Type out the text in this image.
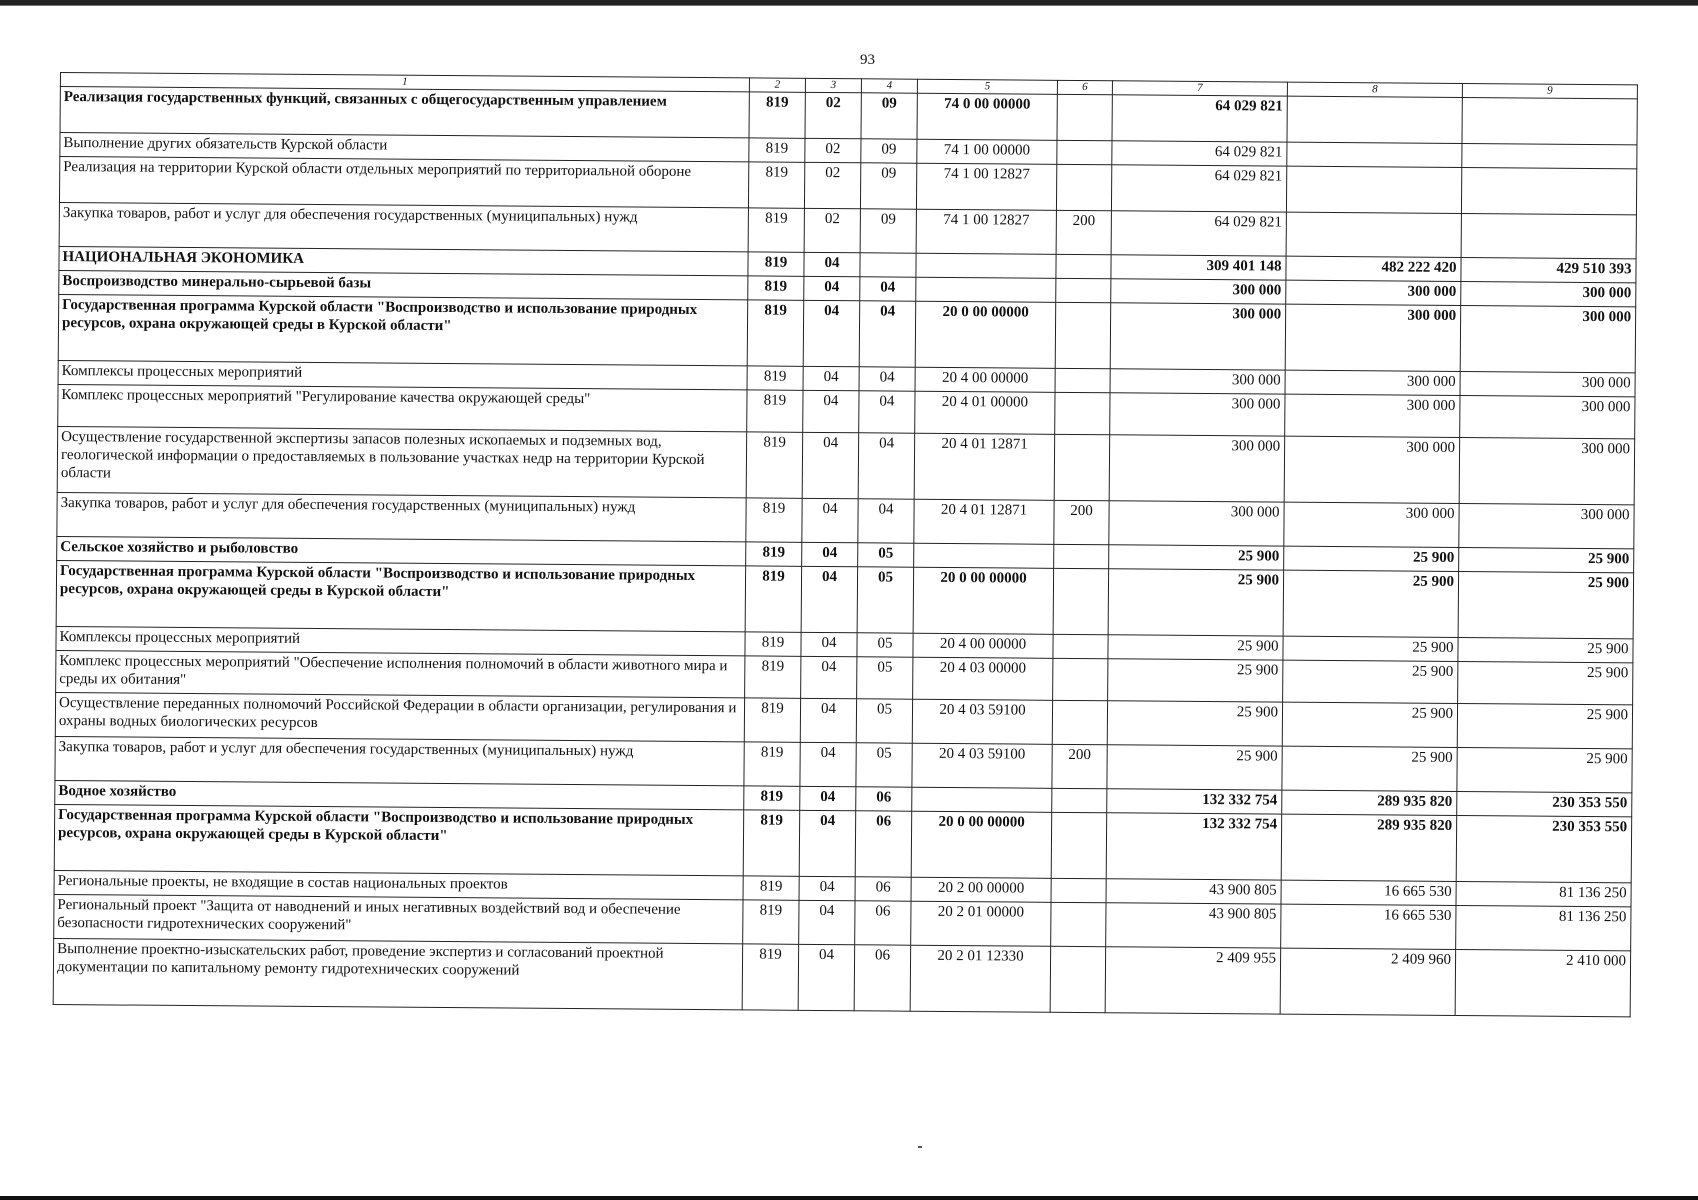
93
1	2	3	4	5	6	7	8	9
Реализация государственных функций, связанных с общегосударственным управлением	819	02	09	74 0 00 00000		64 029 821		
Выполнение других обязательств Курской области	819	02	09	74 1 00 00000		64 029 821		
Реализация на территории Курской области отдельных мероприятий по территориальной обороне	819	02	09	74 1 00 12827		64 029 821		
Закупка товаров, работ и услуг для обеспечения государственных (муниципальных) нужд	819	02	09	74 1 00 12827	200	64 029 821		
НАЦИОНАЛЬНАЯ ЭКОНОМИКА	819	04				309 401 148	482 222 420	429 510 393
Воспроизводство минерально-сырьевой базы	819	04	04			300 000	300 000	300 000
Государственная программа Курской области "Воспроизводство и использование природных ресурсов, охрана окружающей среды в Курской области"	819	04	04	20 0 00 00000		300 000	300 000	300 000
Комплексы процессных мероприятий	819	04	04	20 4 00 00000		300 000	300 000	300 000
Комплекс процессных мероприятий "Регулирование качества окружающей среды"	819	04	04	20 4 01 00000		300 000	300 000	300 000
Осуществление государственной экспертизы запасов полезных ископаемых и подземных вод, геологической информации о предоставляемых в пользование участках недр на территории Курской области	819	04	04	20 4 01 12871		300 000	300 000	300 000
Закупка товаров, работ и услуг для обеспечения государственных (муниципальных) нужд	819	04	04	20 4 01 12871	200	300 000	300 000	300 000
Сельское хозяйство и рыболовство	819	04	05			25 900	25 900	25 900
Государственная программа Курской области "Воспроизводство и использование природных ресурсов, охрана окружающей среды в Курской области"	819	04	05	20 0 00 00000		25 900	25 900	25 900
Комплексы процессных мероприятий	819	04	05	20 4 00 00000		25 900	25 900	25 900
Комплекс процессных мероприятий "Обеспечение исполнения полномочий в области животного мира и среды их обитания"	819	04	05	20 4 03 00000		25 900	25 900	25 900
Осуществление переданных полномочий Российской Федерации в области организации, регулирования и охраны водных биологических ресурсов	819	04	05	20 4 03 59100		25 900	25 900	25 900
Закупка товаров, работ и услуг для обеспечения государственных (муниципальных) нужд	819	04	05	20 4 03 59100	200	25 900	25 900	25 900
Водное хозяйство	819	04	06			132 332 754	289 935 820	230 353 550
Государственная программа Курской области "Воспроизводство и использование природных ресурсов, охрана окружающей среды в Курской области"	819	04	06	20 0 00 00000		132 332 754	289 935 820	230 353 550
Региональные проекты, не входящие в состав национальных проектов	819	04	06	20 2 00 00000		43 900 805	16 665 530	81 136 250
Региональный проект "Защита от наводнений и иных негативных воздействий вод и обеспечение безопасности гидротехнических сооружений"	819	04	06	20 2 01 00000		43 900 805	16 665 530	81 136 250
Выполнение проектно-изыскательских работ, проведение экспертиз и согласований проектной документации по капитальному ремонту гидротехнических сооружений	819	04	06	20 2 01 12330		2 409 955	2 409 960	2 410 000
